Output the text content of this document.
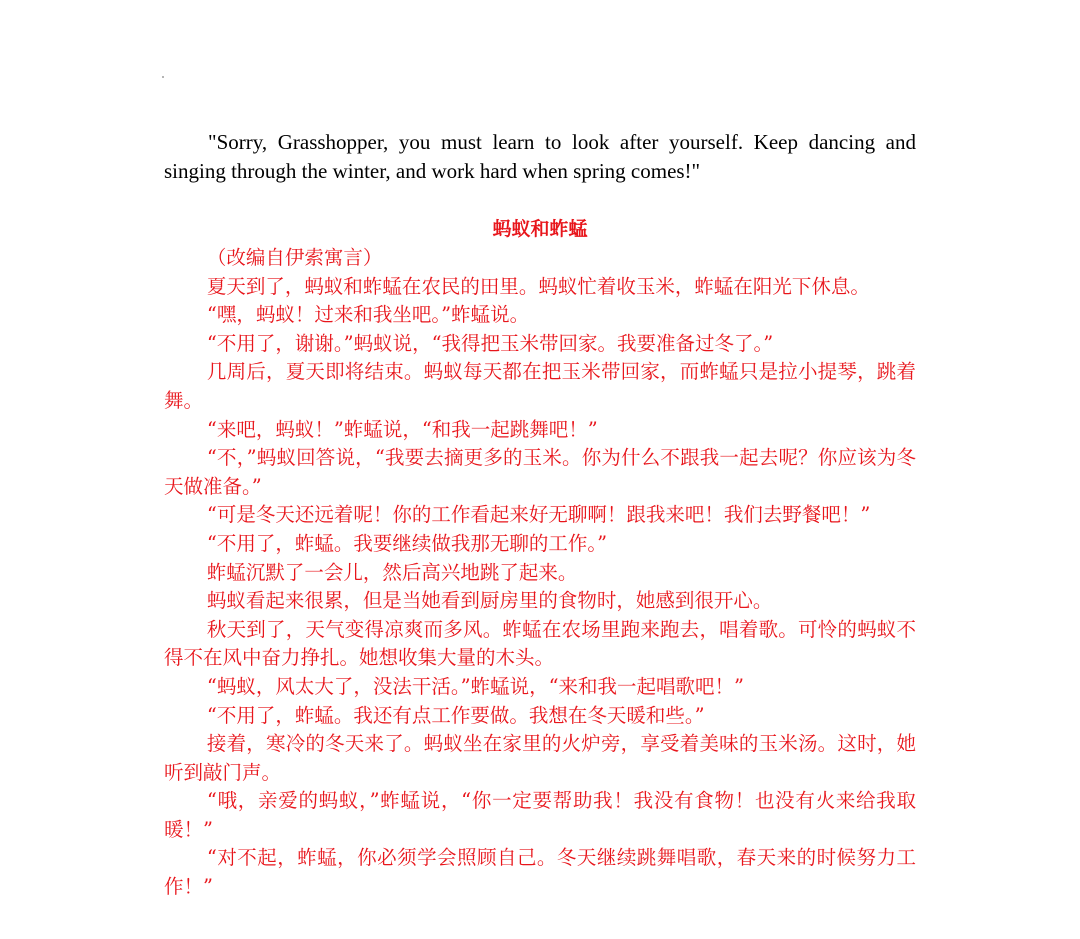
"Sorry, Grasshopper, you must learn to look after yourself. Keep dancing and singing through the winter, and work hard when spring comes!"

蚂蚁和蚱蜢

（改编自伊索寓言）

夏天到了，蚂蚁和蚱蜢在农民的田里。蚂蚁忙着收玉米，蚱蜢在阳光下休息。

“嘿，蚂蚁！过来和我坐吧。”蚱蜢说。

“不用了，谢谢。”蚂蚁说，“我得把玉米带回家。我要准备过冬了。”

几周后，夏天即将结束。蚂蚁每天都在把玉米带回家，而蚱蜢只是拉小提琴，跳着舞。

“来吧，蚂蚁！”蚱蜢说，“和我一起跳舞吧！”

“不，”蚂蚁回答说，“我要去摘更多的玉米。你为什么不跟我一起去呢？你应该为冬天做准备。”

“可是冬天还远着呢！你的工作看起来好无聊啊！跟我来吧！我们去野餐吧！”

“不用了，蚱蜢。我要继续做我那无聊的工作。”

蚱蜢沉默了一会儿，然后高兴地跳了起来。

蚂蚁看起来很累，但是当她看到厨房里的食物时，她感到很开心。

秋天到了，天气变得凉爽而多风。蚱蜢在农场里跑来跑去，唱着歌。可怜的蚂蚁不得不在风中奋力挣扎。她想收集大量的木头。

“蚂蚁，风太大了，没法干活。”蚱蜢说，“来和我一起唱歌吧！”

“不用了，蚱蜢。我还有点工作要做。我想在冬天暖和些。”

接着，寒冷的冬天来了。蚂蚁坐在家里的火炉旁，享受着美味的玉米汤。这时，她听到敲门声。

“哦，亲爱的蚂蚁，”蚱蜢说，“你一定要帮助我！我没有食物！也没有火来给我取暖！”

“对不起，蚱蜢，你必须学会照顾自己。冬天继续跳舞唱歌，春天来的时候努力工作！”
